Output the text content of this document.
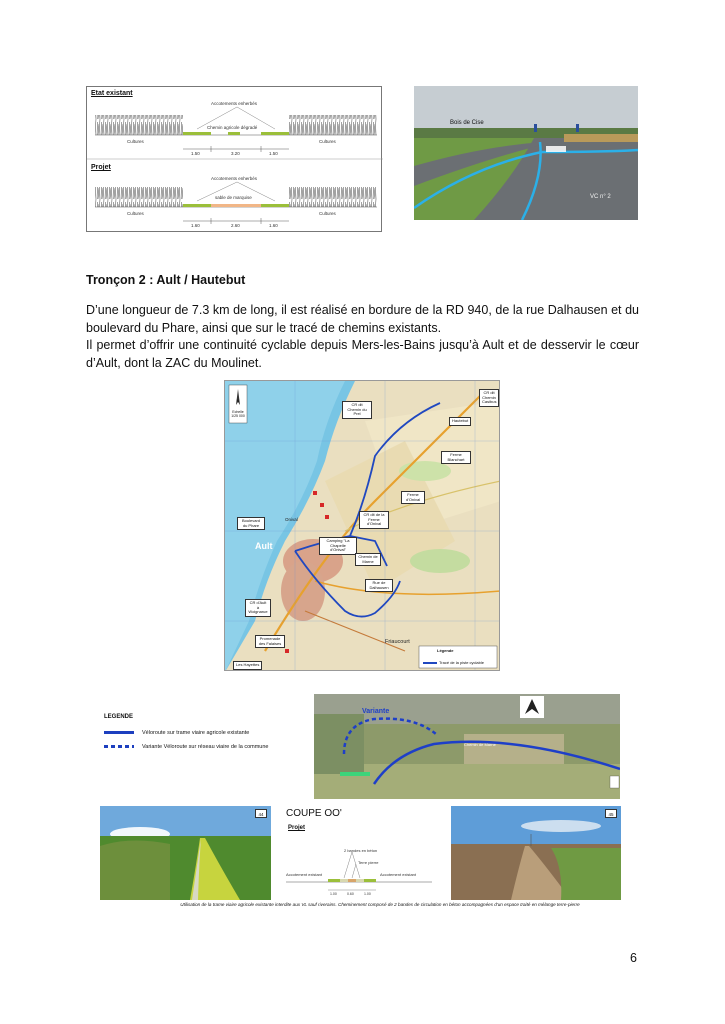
Etat existant
Projet
Accotements enherbés
Chemin agricole dégradé
Cultures	Cultures
1.50	3.20	1.50
Accotements enherbés
sable de marquise
Cultures	Cultures
1.60	2.60	1.60
Bois de Cise
VC n° 2
Tronçon 2 : Ault / Hautebut
D’une longueur de 7.3 km de long, il est réalisé en bordure de la RD 940, de la rue Dalhausen et du boulevard du Phare, ainsi que sur le tracé de chemins existants.
Il permet d’offrir une continuité cyclable depuis Mers-les-Bains jusqu’à Ault et de desservir le cœur d’Ault, dont la ZAC du Moulinet.
N
Echelle 1/25 000
CR dit Chemin du Prel
CR dit Chemin Casibus
Hautebut
Ferme Blanchart
Ferme d'Onival
CR dit de la Ferme d'Onival
Boulevard du Phare
Camping "La Chapelle d'Onival"
Chemin de Marne
Rue de Dalhausen
Ault
Onival
Friaucourt
CR d'Ault à Woignarue
Promenade des Falaises
Les Hayettes
Légende
Tracé de la piste cyclable
LEGENDE
Véloroute sur trame viaire agricole existante
Variante Véloroute sur réseau viaire de la commune
Variante
Chemin de Marne
44	COUPE OO'
Projet
2 bandes en béton
Terre pierre
Accotement existant	Accotement existant
1.00	0.60	1.00
45
Utilisation de la trame viaire agricole existante interdite aux VL sauf riverains. Cheminement composé de 2 bandes de circulation en béton accompagnées d'un espace traité en mélange terre-pierre
6
